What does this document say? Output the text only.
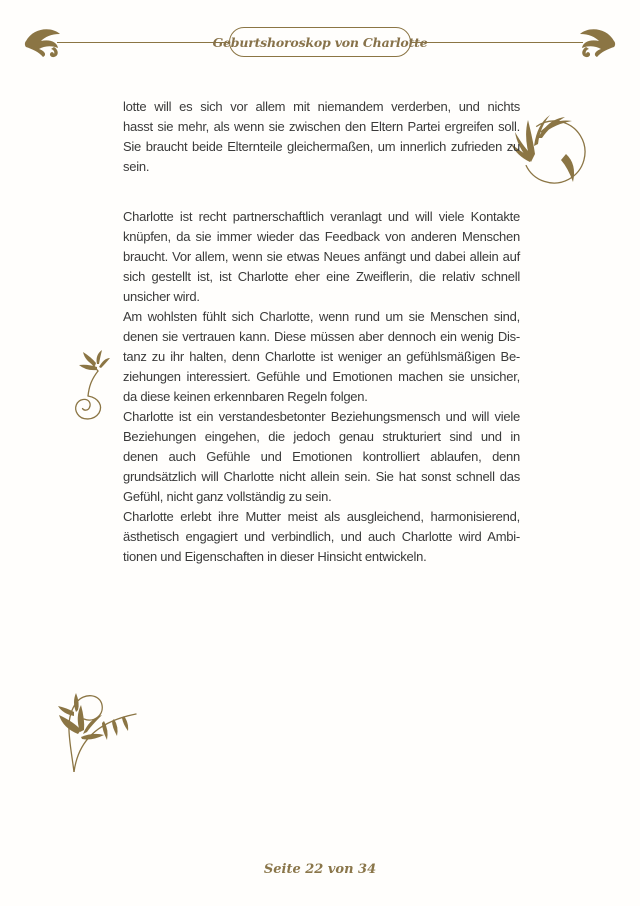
Geburtshoroskop von Charlotte

lotte will es sich vor allem mit niemandem verderben, und nichts
hasst sie mehr, als wenn sie zwischen den Eltern Partei ergreifen soll.
Sie braucht beide Elternteile gleichermaßen, um innerlich zufrieden zu
sein.

Charlotte ist recht partnerschaftlich veranlagt und will viele Kontakte
knüpfen, da sie immer wieder das Feedback von anderen Menschen
braucht. Vor allem, wenn sie etwas Neues anfängt und dabei allein auf
sich gestellt ist, ist Charlotte eher eine Zweiflerin, die relativ schnell
unsicher wird.

Am wohlsten fühlt sich Charlotte, wenn rund um sie Menschen sind,
denen sie vertrauen kann. Diese müssen aber dennoch ein wenig Dis-
tanz zu ihr halten, denn Charlotte ist weniger an gefühlsmäßigen Be-
ziehungen interessiert. Gefühle und Emotionen machen sie unsicher,
da diese keinen erkennbaren Regeln folgen.

Charlotte ist ein verstandesbetonter Beziehungsmensch und will viele
Beziehungen eingehen, die jedoch genau strukturiert sind und in
denen auch Gefühle und Emotionen kontrolliert ablaufen, denn
grundsätzlich will Charlotte nicht allein sein. Sie hat sonst schnell das
Gefühl, nicht ganz vollständig zu sein.

Charlotte erlebt ihre Mutter meist als ausgleichend, harmonisierend,
ästhetisch engagiert und verbindlich, und auch Charlotte wird Ambi-
tionen und Eigenschaften in dieser Hinsicht entwickeln.

Seite 22 von 34
